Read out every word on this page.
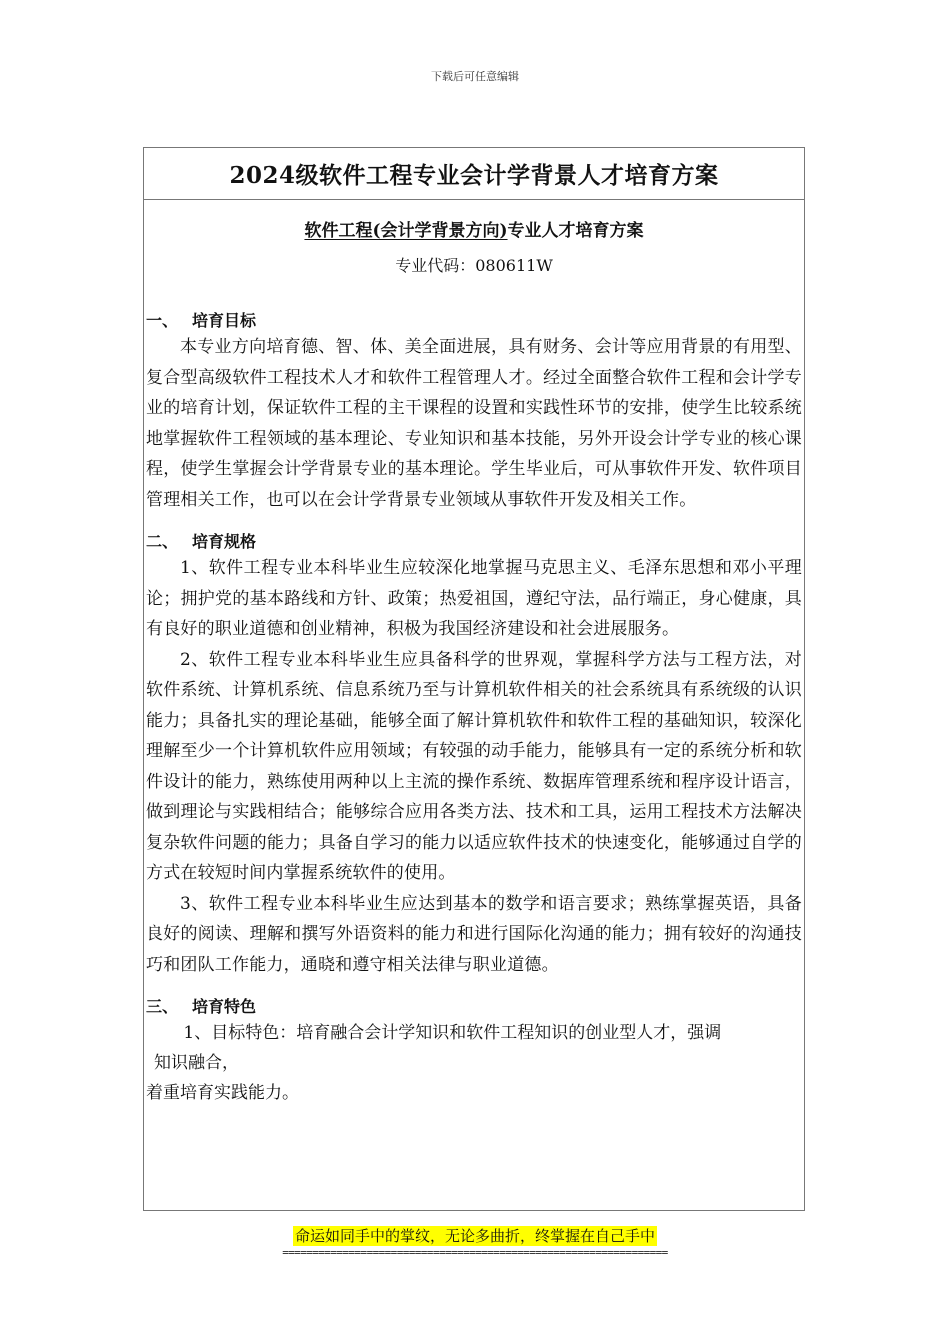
下载后可任意编辑
2024级软件工程专业会计学背景人才培育方案
软件工程(会计学背景方向)专业人才培育方案
专业代码：080611W
一、 培育目标

本专业方向培育德、智、体、美全面进展，具有财务、会计等应用背景的有用型、复合型高级软件工程技术人才和软件工程管理人才。经过全面整合软件工程和会计学专业的培育计划，保证软件工程的主干课程的设置和实践性环节的安排，使学生比较系统地掌握软件工程领域的基本理论、专业知识和基本技能，另外开设会计学专业的核心课程，使学生掌握会计学背景专业的基本理论。学生毕业后，可从事软件开发、软件项目管理相关工作，也可以在会计学背景专业领域从事软件开发及相关工作。

二、 培育规格

1、软件工程专业本科毕业生应较深化地掌握马克思主义、毛泽东思想和邓小平理论；拥护党的基本路线和方针、政策；热爱祖国，遵纪守法，品行端正，身心健康，具有良好的职业道德和创业精神，积极为我国经济建设和社会进展服务。

2、软件工程专业本科毕业生应具备科学的世界观，掌握科学方法与工程方法，对软件系统、计算机系统、信息系统乃至与计算机软件相关的社会系统具有系统级的认识能力；具备扎实的理论基础，能够全面了解计算机软件和软件工程的基础知识，较深化理解至少一个计算机软件应用领域；有较强的动手能力，能够具有一定的系统分析和软件设计的能力，熟练使用两种以上主流的操作系统、数据库管理系统和程序设计语言，做到理论与实践相结合；能够综合应用各类方法、技术和工具，运用工程技术方法解决复杂软件问题的能力；具备自学习的能力以适应软件技术的快速变化，能够通过自学的方式在较短时间内掌握系统软件的使用。

3、软件工程专业本科毕业生应达到基本的数学和语言要求；熟练掌握英语，具备良好的阅读、理解和撰写外语资料的能力和进行国际化沟通的能力；拥有较好的沟通技巧和团队工作能力，通晓和遵守相关法律与职业道德。

三、 培育特色

1、目标特色：培育融合会计学知识和软件工程知识的创业型人才，强调

知识融合，

着重培育实践能力。

命运如同手中的掌纹，无论多曲折，终掌握在自己手中
================================================================
